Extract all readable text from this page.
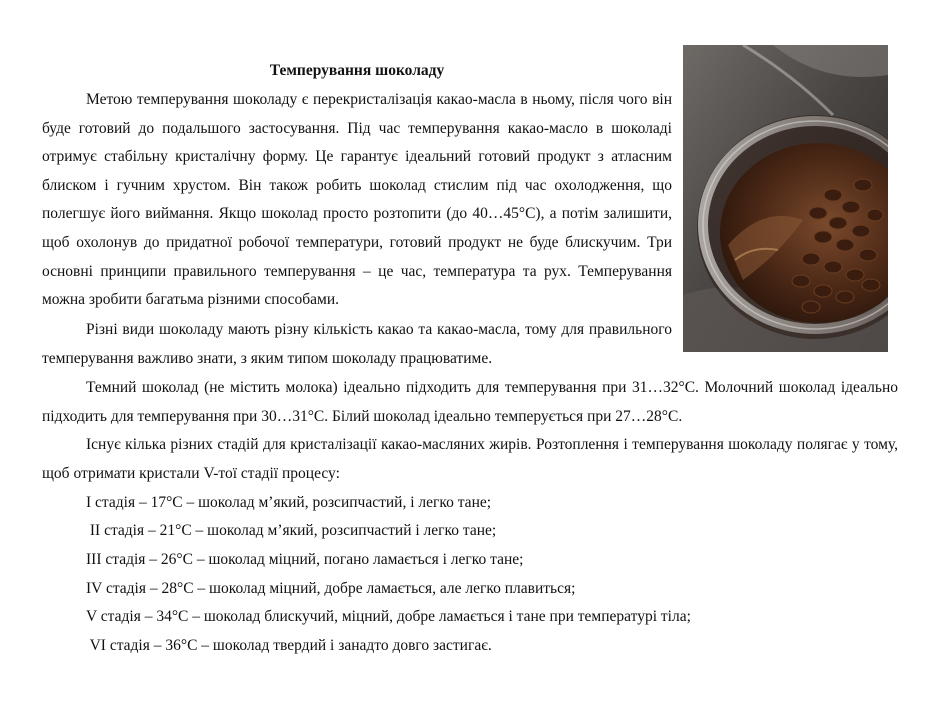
Темперування шоколаду

Метою темперування шоколаду є перекристалізація какао-масла в ньому, після чого він буде готовий до подальшого застосування. Під час темперування какао-масло в шоколаді отримує стабільну кристалічну форму. Це гарантує ідеальний готовий продукт з атласним блиском і гучним хрустом. Він також робить шоколад стислим під час охолодження, що полегшує його виймання. Якщо шоколад просто розтопити (до 40…45°С), а потім залишити, щоб охолонув до придатної робочої температури, готовий продукт не буде блискучим. Три основні принципи правильного темперування – це час, температура та рух. Темперування можна зробити багатьма різними способами.

Різні види шоколаду мають різну кількість какао та какао-масла, тому для правильного темперування важливо знати, з яким типом шоколаду працюватиме.

Темний шоколад (не містить молока) ідеально підходить для темперування при 31…32°С. Молочний шоколад ідеально підходить для темперування при 30…31°С. Білий шоколад ідеально темперується при 27…28°С.

Існує кілька різних стадій для кристалізації какао-масляних жирів. Розтоплення і темперування шоколаду полягає у тому, щоб отримати кристали V-тої стадії процесу:

I стадія – 17°С – шоколад м’який, розсипчастий, і легко тане;
II стадія – 21°С – шоколад м’який, розсипчастий і легко тане;
III стадія – 26°С – шоколад міцний, погано ламається і легко тане;
IV стадія – 28°С – шоколад міцний, добре ламається, але легко плавиться;
V стадія – 34°С – шоколад блискучий, міцний, добре ламається і тане при температурі тіла;
VI стадія – 36°С – шоколад твердий і занадто довго застигає.
